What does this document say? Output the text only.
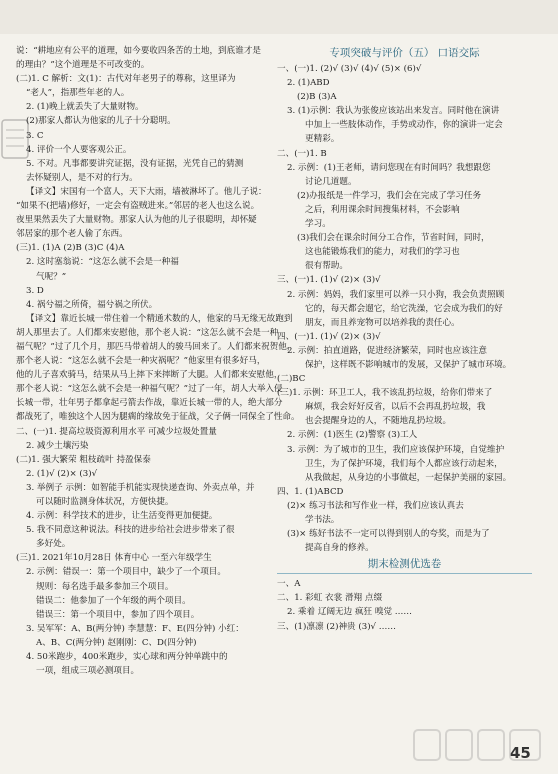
说：“耕地应有公平的道理，如今要收四条苦的土地，到底谁才是
的理由？”这个道理是不可改变的。
(二)1. C 解析：文(1)：古代对年老男子的尊称，这里译为
“老人”，指那些年老的人。
2. (1)晚上就丢失了大量财物。
(2)那家人都认为他家的儿子十分聪明。
3. C
4. 评价一个人要客观公正。
5. 不对。凡事都要讲究证据，没有证据，光凭自己的猜测
去怀疑别人，是不对的行为。
【译文】宋国有一个富人，天下大雨，墙被淋坏了。他儿子说：
“如果不(把墙)修好，一定会有盗贼进来。”邻居的老人也这么说。
夜里果然丢失了大量财物。那家人认为他的儿子很聪明，却怀疑
邻居家的那个老人偷了东西。
(三)1. (1)A (2)B (3)C (4)A
2. 这时塞翁说：“这怎么就不会是一种福
气呢？”
3. D
4. 祸兮福之所倚，福兮祸之所伏。
【译文】靠近长城一带住着一个精通术数的人，他家的马无缘无故跑到
胡人那里去了。人们都来安慰他，那个老人说：“这怎么就不会是一种
福气呢？”过了几个月，那匹马带着胡人的骏马回来了。人们都来祝贺他，
那个老人说：“这怎么就不会是一种灾祸呢？”他家里有很多好马，
他的儿子喜欢骑马，结果从马上摔下来摔断了大腿。人们都来安慰他，
那个老人说：“这怎么就不会是一种福气呢？”过了一年，胡人大举入侵
长城一带，壮年男子都拿起弓箭去作战，靠近长城一带的人，绝大部分
都战死了，唯独这个人因为腿瘸的缘故免于征战，父子俩一同保全了性命。
二、(一)1. 提高垃圾资源利用水平 可减少垃圾处置量
2. 减少土壤污染
(二)1. 强大繁荣 粗枝疏叶 持盈保泰
2. (1)√ (2)× (3)√
3. 举例子 示例：如智能手机能实现快递查询、外卖点单，并
可以随时监测身体状况，方便快捷。
4. 示例：科学技术的进步，让生活变得更加便捷。
5. 我不同意这种说法。科技的进步给社会进步带来了很
多好处。
(三)1. 2021年10月28日 体育中心 一至六年级学生
2. 示例：错误一：第一个项目中，缺少了一个项目。
规则：每名选手最多参加三个项目。
错误二：他参加了一个年级的两个项目。
错误三：第一个项目中，参加了四个项目。
3. 吴军军：A、B(两分钟) 李慧慧：F、E(四分钟) 小红：
A、B、C(两分钟) 赵刚刚：C、D(四分钟)
4. 50米跑步，400米跑步，实心球和两分钟单跳中的
一项，组成三项必测项目。
专项突破与评价（五） 口语交际
一、(一)1. (2)√ (3)√ (4)√ (5)× (6)√
2. (1)ABD
(2)B (3)A
3. (1)示例：我认为张俊应该站出来发言。同时他在演讲
中加上一些肢体动作，手势或动作，你的演讲一定会
更精彩。
二、(一)1. B
2. 示例：(1)王老师，请问您现在有时间吗？我想跟您
讨论几道题。
(2)办报纸是一件学习，我们会在完成了学习任务
之后，利用课余时间搜集材料，不会影响
学习。
(3)我们会在课余时间分工合作，节省时间，同时，
这也能锻炼我们的能力，对我们的学习也
很有帮助。
三、(一)1. (1)√ (2)× (3)√
2. 示例：妈妈，我们家里可以养一只小狗，我会负责照顾
它的，每天都会遛它，给它洗澡，它会成为我们的好
朋友，而且养宠物可以培养我的责任心。
四、(一)1. (1)√ (2)× (3)√
2. 示例：拍直道路，促进经济繁荣，同时也应该注意
保护，这样既不影响城市的发展，又保护了城市环境。
(二)BC
(三)1. 示例：环卫工人，我不该乱扔垃圾，给你们带来了
麻烦，我会好好反省，以后不会再乱扔垃圾，我
也会提醒身边的人，不随地乱扔垃圾。
2. 示例：(1)医生 (2)警察 (3)工人
3. 示例：为了城市的卫生，我们应该保护环境，自觉维护
卫生，为了保护环境，我们每个人都应该行动起来，
从我做起，从身边的小事做起，一起保护美丽的家园。
四、1. (1)ABCD
(2)× 练习书法和写作业一样，我们应该认真去
学书法。
(3)× 练好书法不一定可以得到别人的夸奖，而是为了
提高自身的修养。
期末检测优选卷
一、A
二、1. 彩虹 衣裳 滑翔 点缀
2. 乘着 辽阔无边 疯狂 嗅觉 ……
三、(1)凛凛 (2)神贵 (3)√ ……
45
